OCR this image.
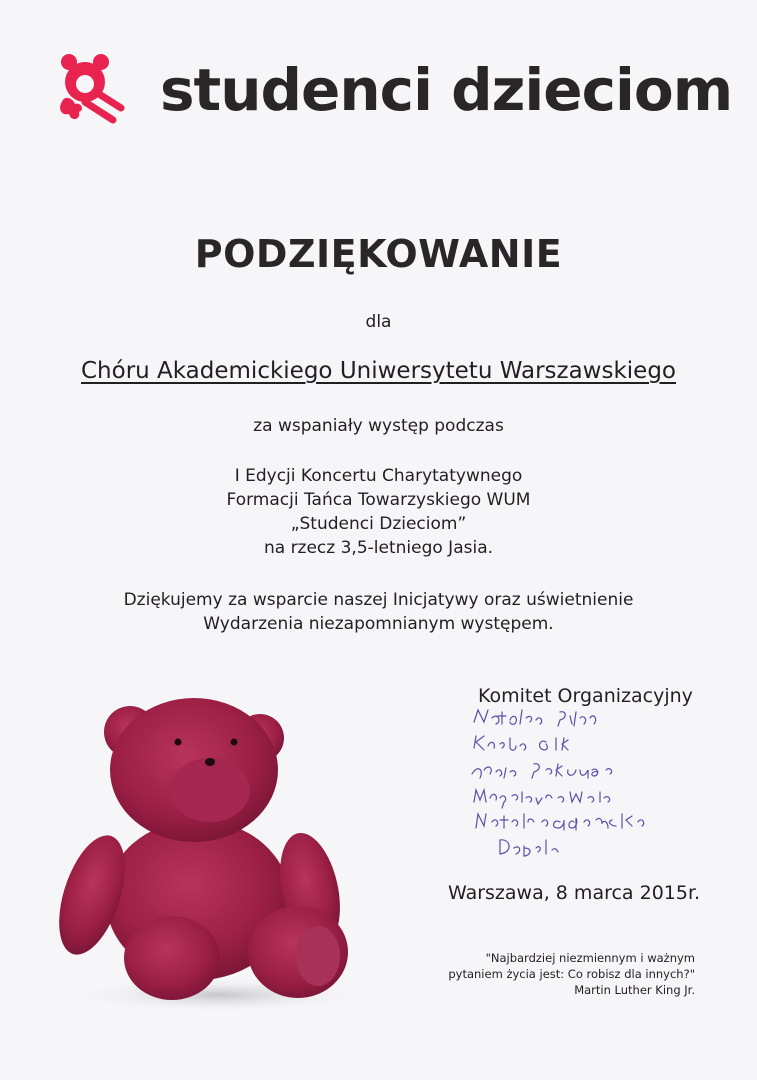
studenci dzieciom
PODZIĘKOWANIE
dla
Chóru Akademickiego Uniwersytetu Warszawskiego
za wspaniały występ podczas
I Edycji Koncertu Charytatywnego
Formacji Tańca Towarzyskiego WUM
„Studenci Dzieciom”
na rzecz 3,5-letniego Jasia.
Dziękujemy za wsparcie naszej Inicjatywy oraz uświetnienie
Wydarzenia niezapomnianym występem.
Komitet Organizacyjny
Warszawa, 8 marca 2015r.
"Najbardziej niezmiennym i ważnym
pytaniem życia jest: Co robisz dla innych?"
Martin Luther King Jr.
